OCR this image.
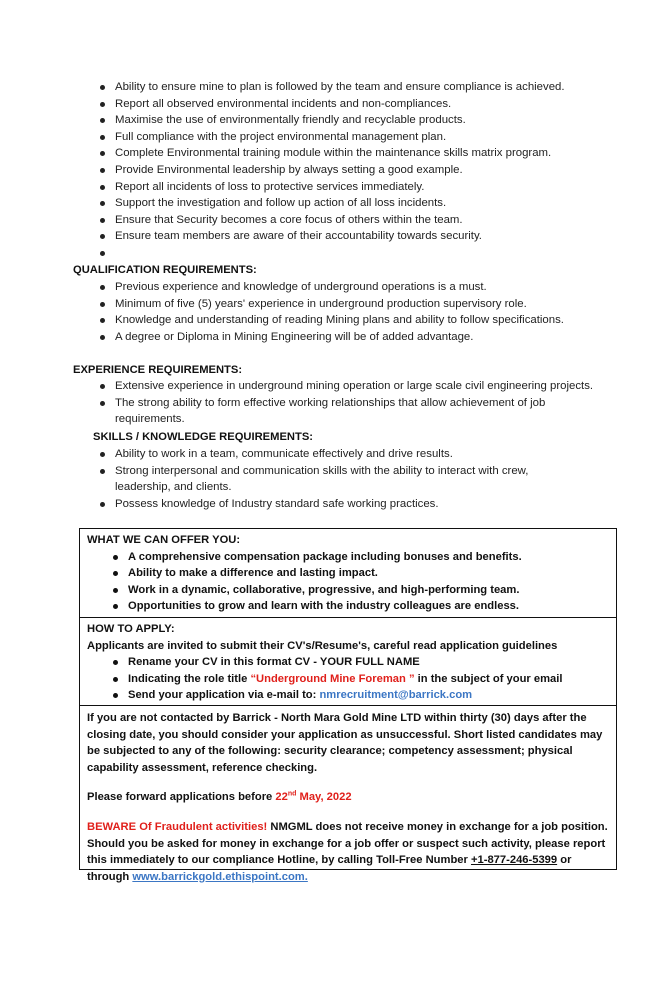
Ability to ensure mine to plan is followed by the team and ensure compliance is achieved.
Report all observed environmental incidents and non-compliances.
Maximise the use of environmentally friendly and recyclable products.
Full compliance with the project environmental management plan.
Complete Environmental training module within the maintenance skills matrix program.
Provide Environmental leadership by always setting a good example.
Report all incidents of loss to protective services immediately.
Support the investigation and follow up action of all loss incidents.
Ensure that Security becomes a core focus of others within the team.
Ensure team members are aware of their accountability towards security.
QUALIFICATION REQUIREMENTS:
Previous experience and knowledge of underground operations is a must.
Minimum of five (5) years' experience in underground production supervisory role.
Knowledge and understanding of reading Mining plans and ability to follow specifications.
A degree or Diploma in Mining Engineering will be of added advantage.
EXPERIENCE REQUIREMENTS:
Extensive experience in underground mining operation or large scale civil engineering projects.
The strong ability to form effective working relationships that allow achievement of job requirements.
SKILLS / KNOWLEDGE REQUIREMENTS:
Ability to work in a team, communicate effectively and drive results.
Strong interpersonal and communication skills with the ability to interact with crew, leadership, and clients.
Possess knowledge of Industry standard safe working practices.
WHAT WE CAN OFFER YOU:
A comprehensive compensation package including bonuses and benefits.
Ability to make a difference and lasting impact.
Work in a dynamic, collaborative, progressive, and high-performing team.
Opportunities to grow and learn with the industry colleagues are endless.
HOW TO APPLY:
Applicants are invited to submit their CV's/Resume's, careful read application guidelines
Rename your CV in this format CV - YOUR FULL NAME
Indicating the role title “Underground Mine Foreman ” in the subject of your email
Send your application via e-mail to: nmrecruitment@barrick.com

If you are not contacted by Barrick - North Mara Gold Mine LTD within thirty (30) days after the closing date, you should consider your application as unsuccessful. Short listed candidates may be subjected to any of the following: security clearance; competency assessment; physical capability assessment, reference checking.

Please forward applications before 22nd May, 2022

BEWARE Of Fraudulent activities! NMGML does not receive money in exchange for a job position. Should you be asked for money in exchange for a job offer or suspect such activity, please report this immediately to our compliance Hotline, by calling Toll-Free Number +1-877-246-5399 or

through www.barrickgold.ethispoint.com.
